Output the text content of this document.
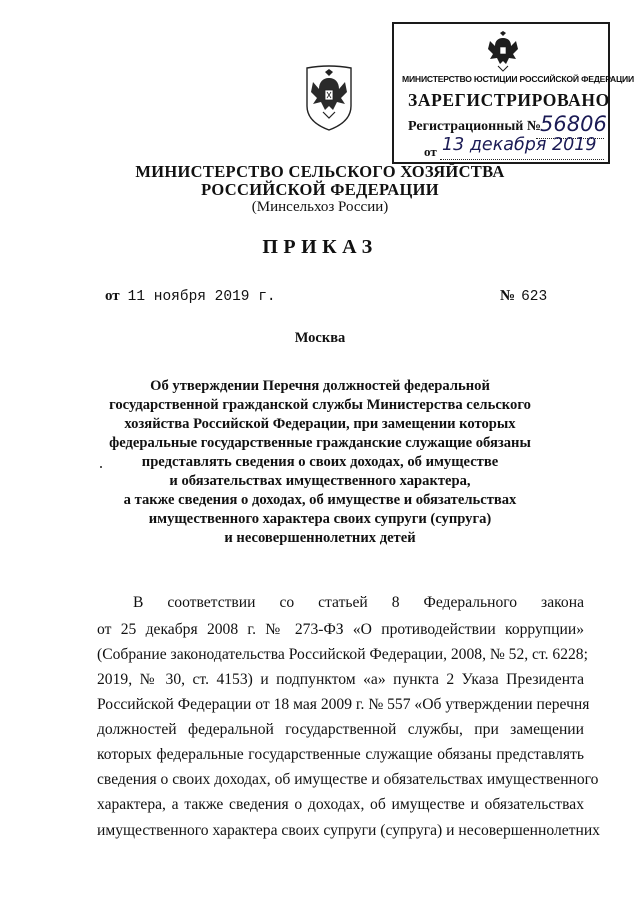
МИНИСТЕРСТВО ЮСТИЦИИ РОССИЙСКОЙ ФЕДЕРАЦИИ
ЗАРЕГИСТРИРОВАНО
Регистрационный № 56806
от 13 декабря 2019
МИНИСТЕРСТВО СЕЛЬСКОГО ХОЗЯЙСТВА
РОССИЙСКОЙ ФЕДЕРАЦИИ
(Минсельхоз России)
ПРИКАЗ
от 11 ноября 2019 г.	№ 623
Москва
Об утверждении Перечня должностей федеральной
государственной гражданской службы Министерства сельского
хозяйства Российской Федерации, при замещении которых
федеральные государственные гражданские служащие обязаны
представлять сведения о своих доходах, об имуществе
и обязательствах имущественного характера,
а также сведения о доходах, об имуществе и обязательствах
имущественного характера своих супруги (супруга)
и несовершеннолетних детей
В соответствии со статьей 8 Федерального закона
от 25 декабря 2008 г. № 273-ФЗ «О противодействии коррупции»
(Собрание законодательства Российской Федерации, 2008, № 52, ст. 6228;
2019, № 30, ст. 4153) и подпунктом «а» пункта 2 Указа Президента
Российской Федерации от 18 мая 2009 г. № 557 «Об утверждении перечня
должностей федеральной государственной службы, при замещении
которых федеральные государственные служащие обязаны представлять
сведения о своих доходах, об имуществе и обязательствах имущественного
характера, а также сведения о доходах, об имуществе и обязательствах
имущественного характера своих супруги (супруга) и несовершеннолетних
